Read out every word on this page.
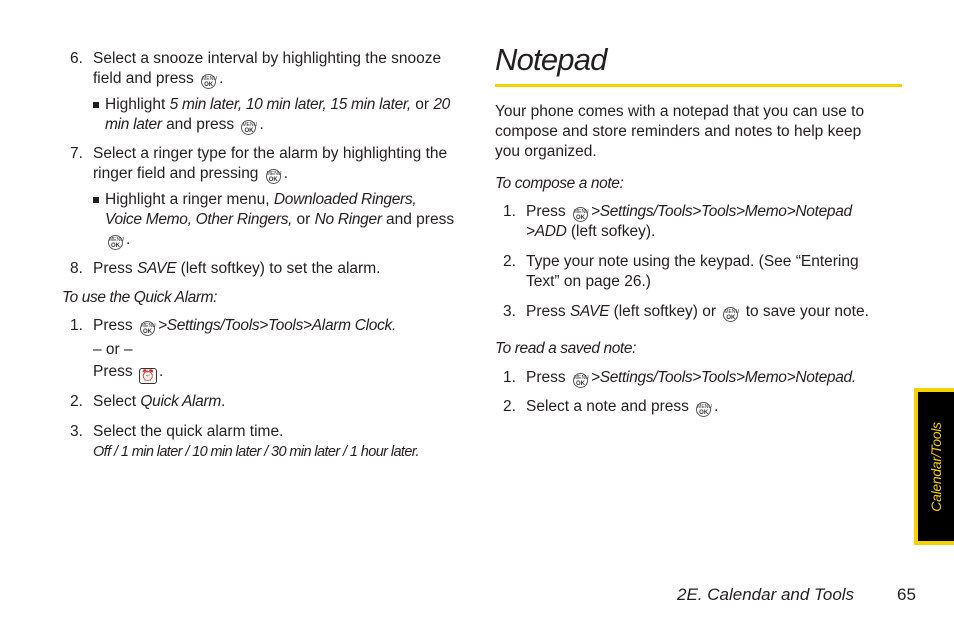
6. Select a snooze interval by highlighting the snooze
field and press MENU
OK .
Highlight 5 min later, 10 min later, 15 min later, or 20
min later and press MENU
OK .
7. Select a ringer type for the alarm by highlighting the
ringer field and pressing MENU
OK .
Highlight a ringer menu, Downloaded Ringers,
Voice Memo, Other Ringers, or No Ringer and press

MENU
OK .
8. Press SAVE (left softkey) to set the alarm.
To use the Quick Alarm:
1. Press MENU
OK >Settings/Tools>Tools>Alarm Clock.
– or –
Press ⏰ .
2. Select Quick Alarm.
3. Select the quick alarm time.
Off / 1 min later / 10 min later / 30 min later / 1 hour later.
Notepad
Your phone comes with a notepad that you can use to
compose and store reminders and notes to help keep
you organized.
To compose a note:
1. Press MENU
OK >Settings/Tools>Tools>Memo>Notepad
>ADD (left sofkey).
2. Type your note using the keypad. (See “Entering
Text” on page 26.)
3. Press SAVE (left softkey) or MENU
OK to save your note.
To read a saved note:
1. Press MENU
OK >Settings/Tools>Tools>Memo>Notepad.
2. Select a note and press MENU
OK .
Calendar/Tools
2E. Calendar and Tools	65
